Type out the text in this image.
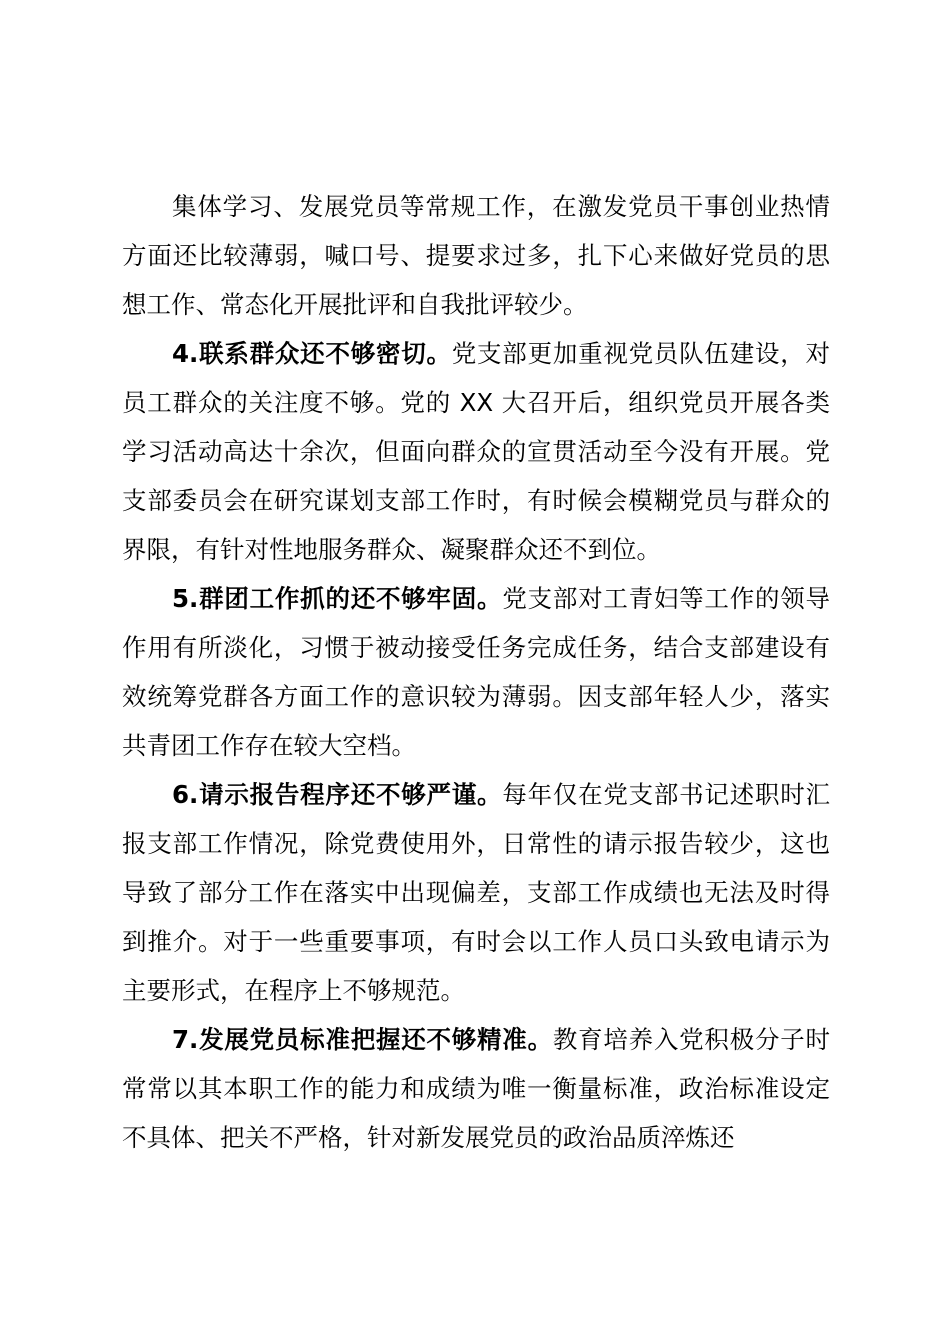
集体学习、发展党员等常规工作，在激发党员干事创业热情方面还比较薄弱，喊口号、提要求过多，扎下心来做好党员的思想工作、常态化开展批评和自我批评较少。

4.联系群众还不够密切。党支部更加重视党员队伍建设，对员工群众的关注度不够。党的 XX 大召开后，组织党员开展各类学习活动高达十余次，但面向群众的宣贯活动至今没有开展。党支部委员会在研究谋划支部工作时，有时候会模糊党员与群众的界限，有针对性地服务群众、凝聚群众还不到位。

5.群团工作抓的还不够牢固。党支部对工青妇等工作的领导作用有所淡化，习惯于被动接受任务完成任务，结合支部建设有效统筹党群各方面工作的意识较为薄弱。因支部年轻人少，落实共青团工作存在较大空档。

6.请示报告程序还不够严谨。每年仅在党支部书记述职时汇报支部工作情况，除党费使用外，日常性的请示报告较少，这也导致了部分工作在落实中出现偏差，支部工作成绩也无法及时得到推介。对于一些重要事项，有时会以工作人员口头致电请示为主要形式，在程序上不够规范。

7.发展党员标准把握还不够精准。教育培养入党积极分子时常常以其本职工作的能力和成绩为唯一衡量标准，政治标准设定不具体、把关不严格，针对新发展党员的政治品质淬炼还
